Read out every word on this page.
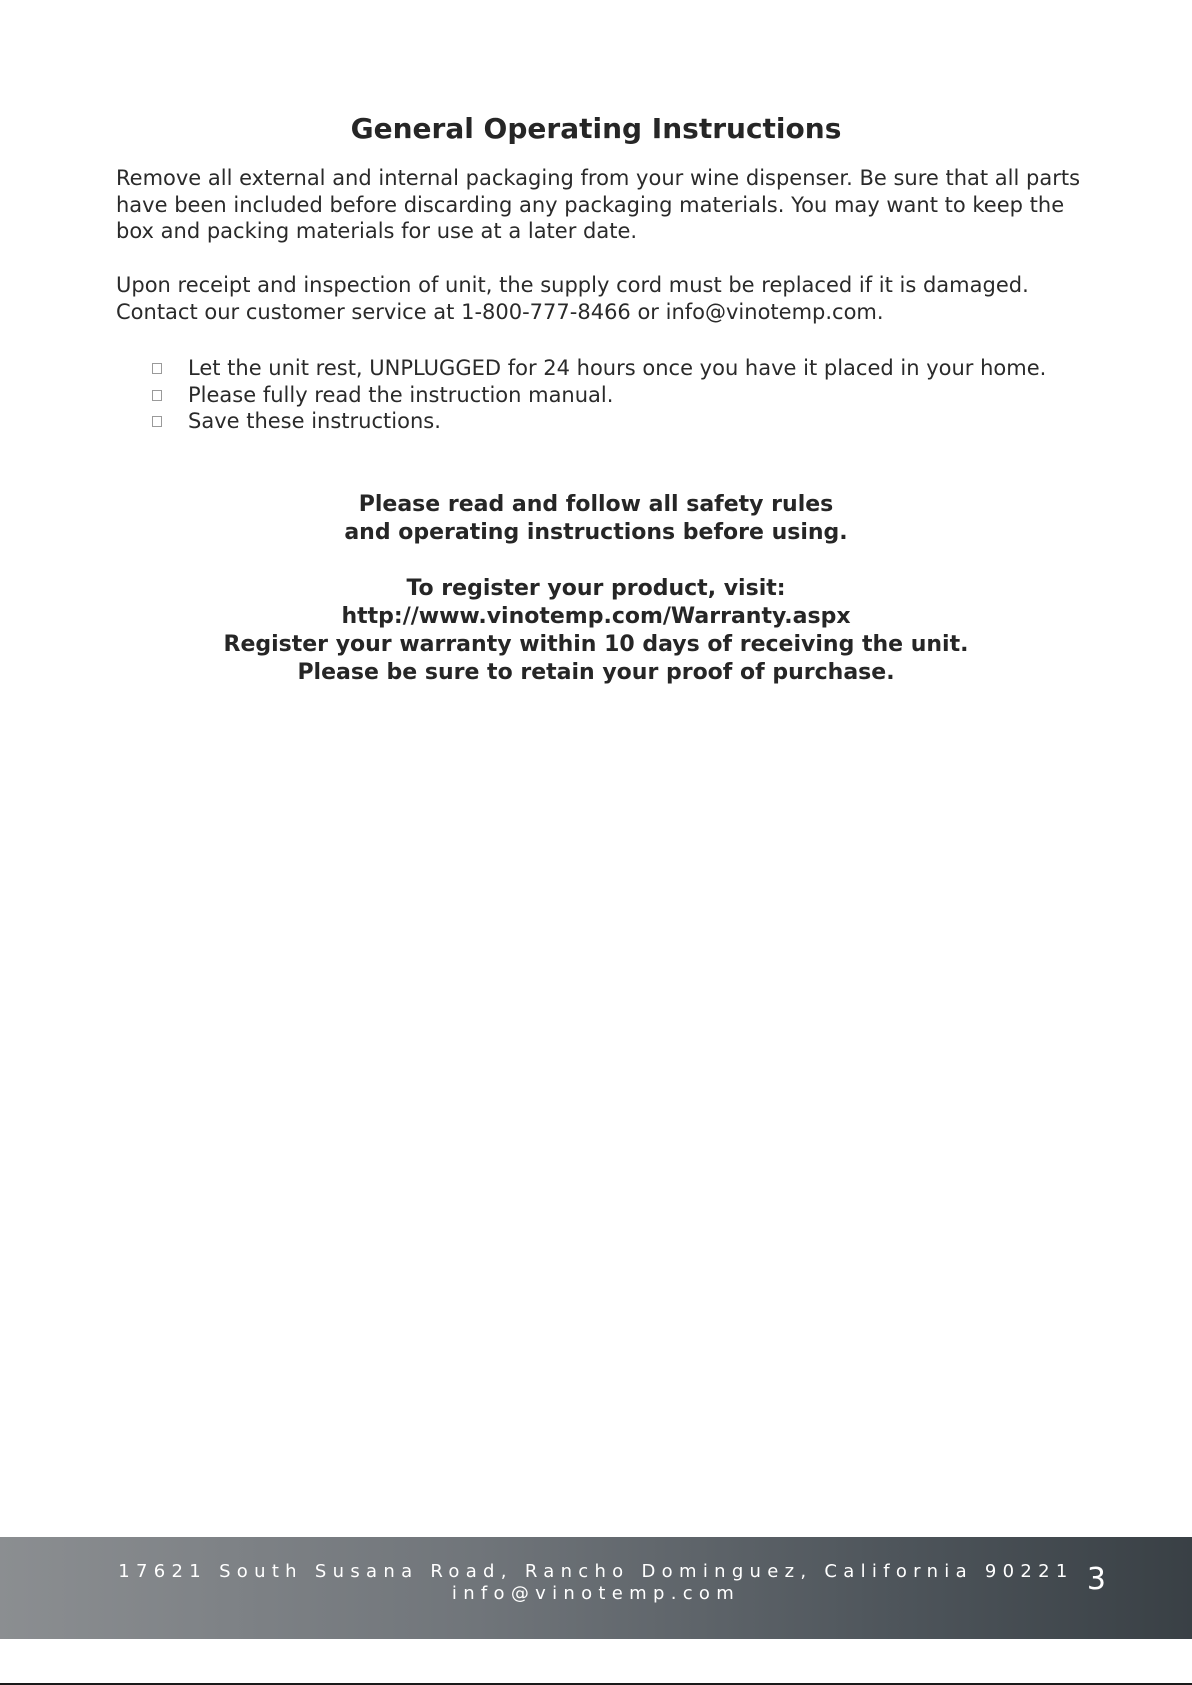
General Operating Instructions

Remove all external and internal packaging from your wine dispenser. Be sure that all parts have been included before discarding any packaging materials. You may want to keep the box and packing materials for use at a later date.

Upon receipt and inspection of unit, the supply cord must be replaced if it is damaged. Contact our customer service at 1-800-777-8466 or info@vinotemp.com.

Let the unit rest, UNPLUGGED for 24 hours once you have it placed in your home.
Please fully read the instruction manual.
Save these instructions.
Please read and follow all safety rules
and operating instructions before using.
To register your product, visit:
http://www.vinotemp.com/Warranty.aspx
Register your warranty within 10 days of receiving the unit.
Please be sure to retain your proof of purchase.
17621 South Susana Road, Rancho Dominguez, California 90221
info@vinotemp.com	3
